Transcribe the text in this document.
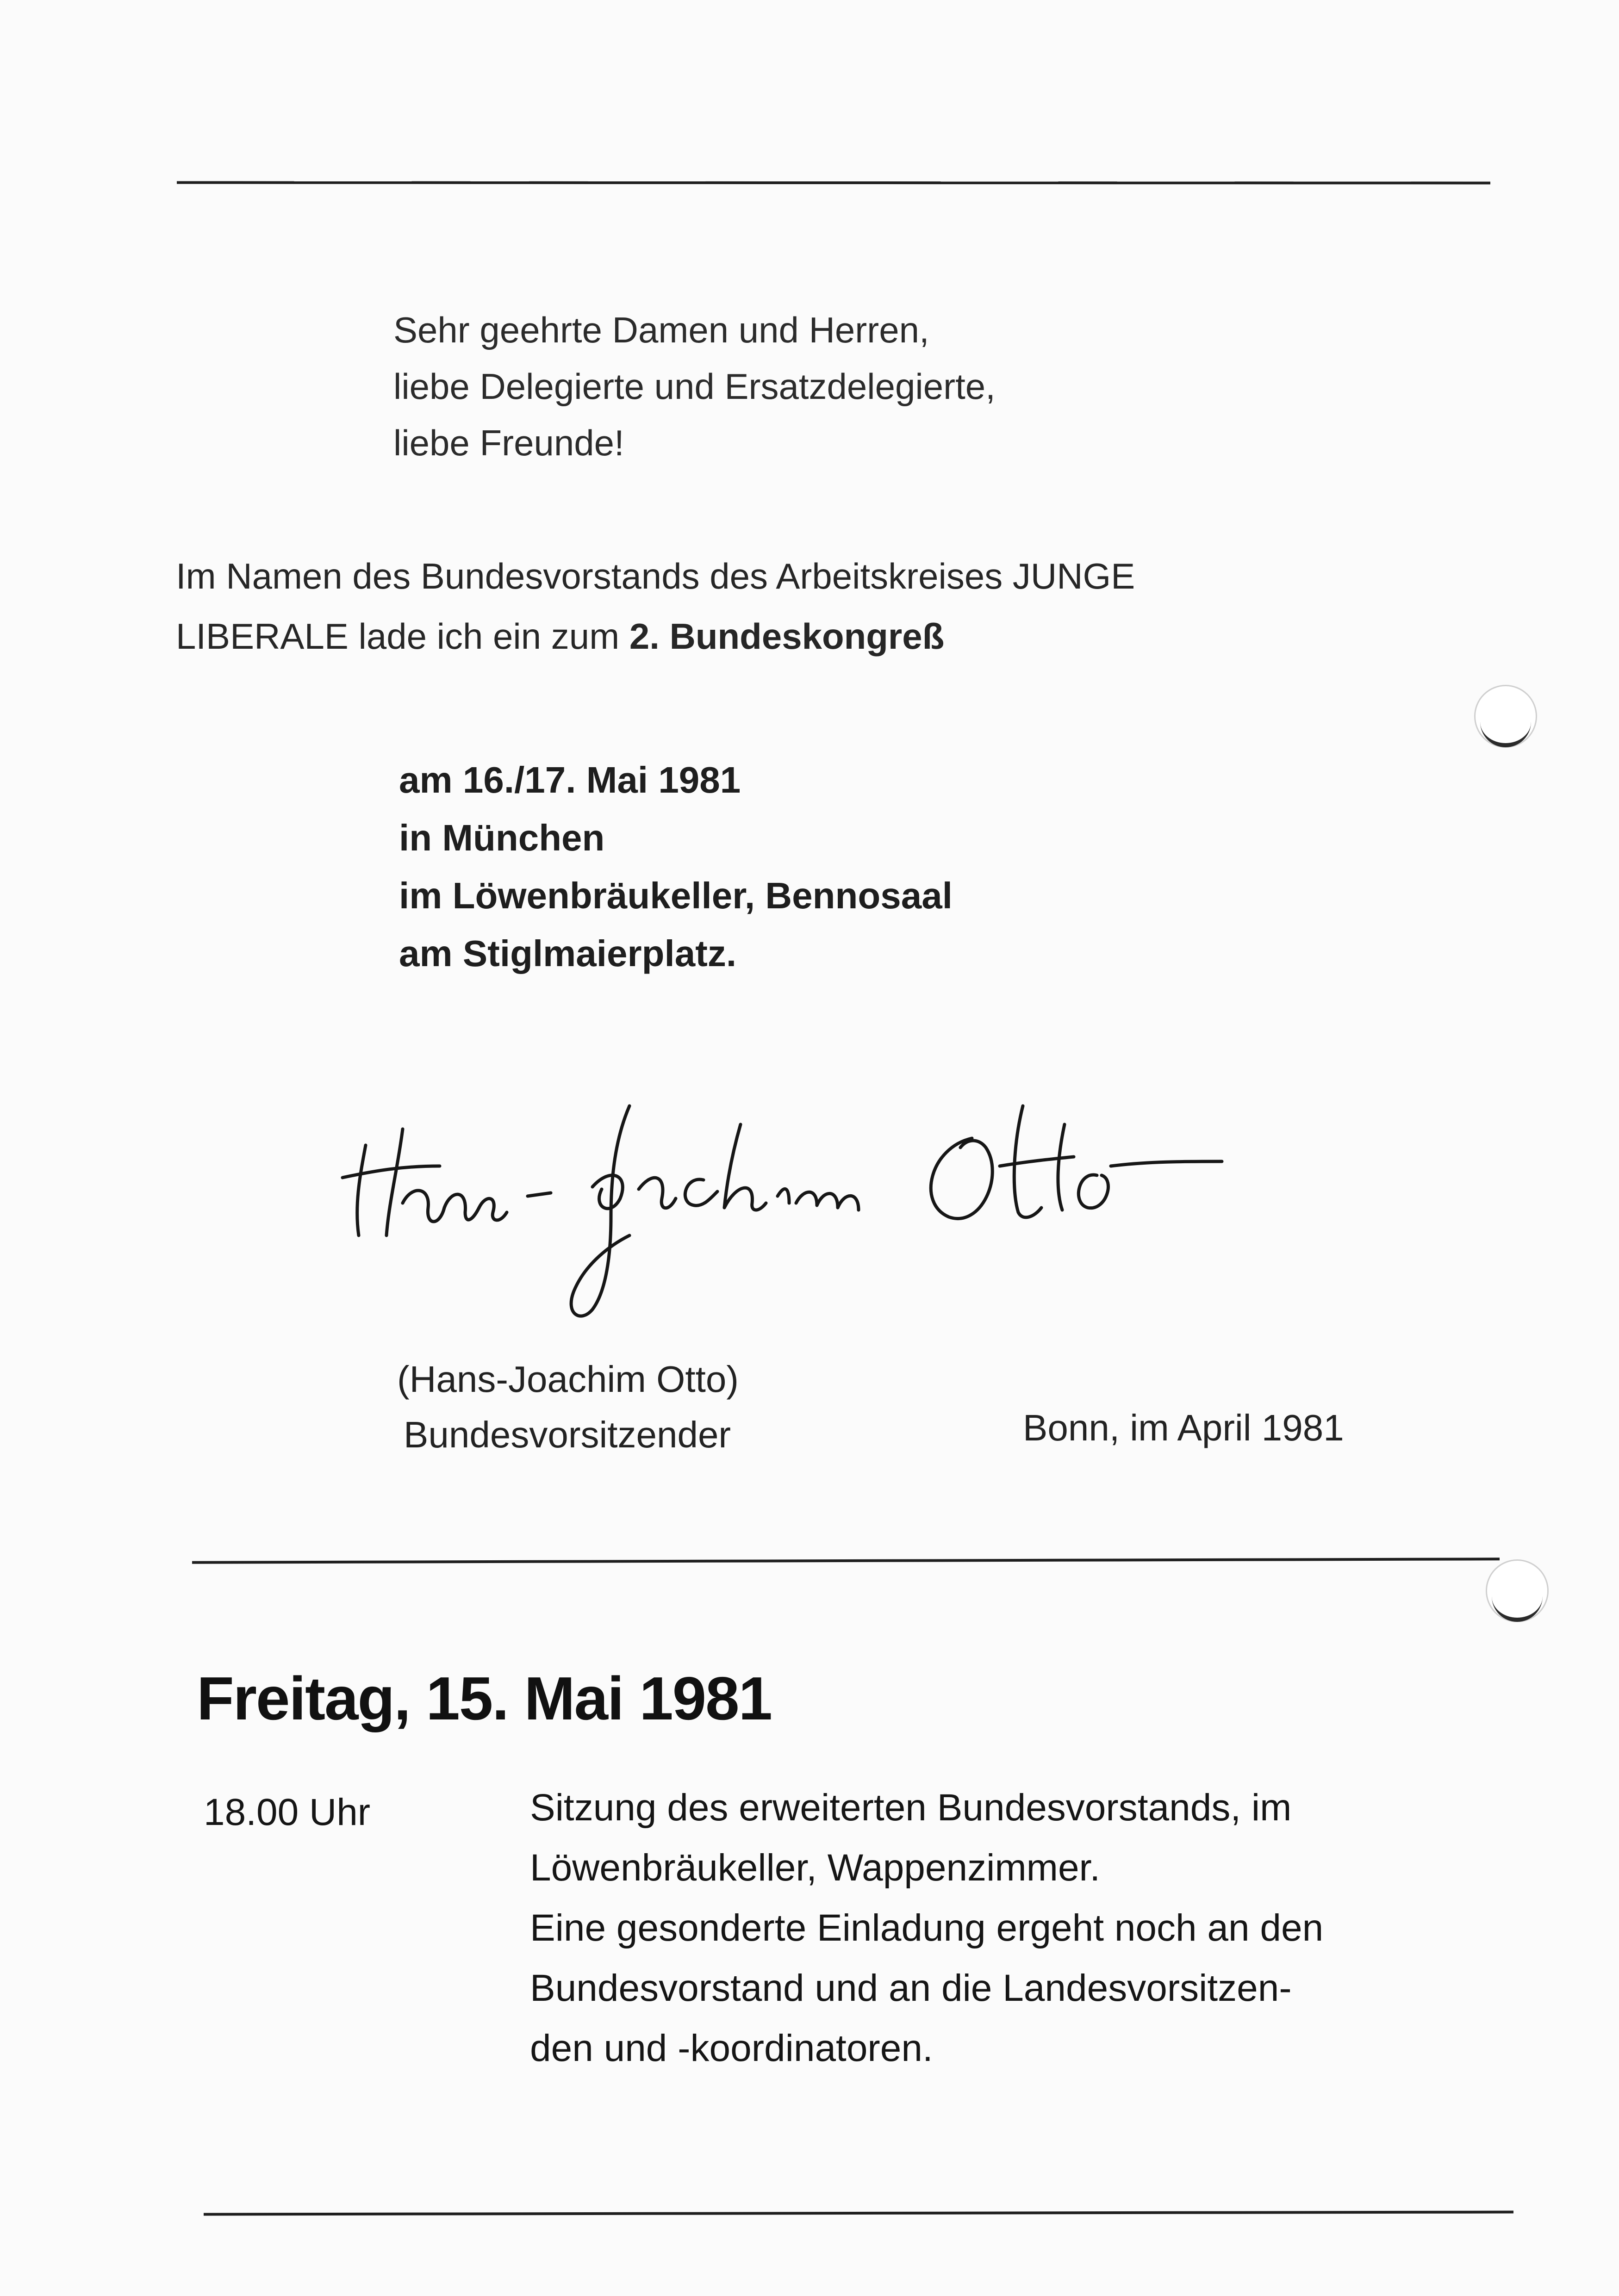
Sehr geehrte Damen und Herren,
liebe Delegierte und Ersatzdelegierte,
liebe Freunde!
Im Namen des Bundesvorstands des Arbeitskreises JUNGE
LIBERALE lade ich ein zum 2. Bundeskongreß
am 16./17. Mai 1981
in München
im Löwenbräukeller, Bennosaal
am Stiglmaierplatz.
(Hans-Joachim Otto)
Bundesvorsitzender	Bonn, im April 1981
Freitag, 15. Mai 1981
18.00 Uhr	Sitzung des erweiterten Bundesvorstands, im
Löwenbräukeller, Wappenzimmer.
Eine gesonderte Einladung ergeht noch an den
Bundesvorstand und an die Landesvorsitzen-
den und -koordinatoren.
